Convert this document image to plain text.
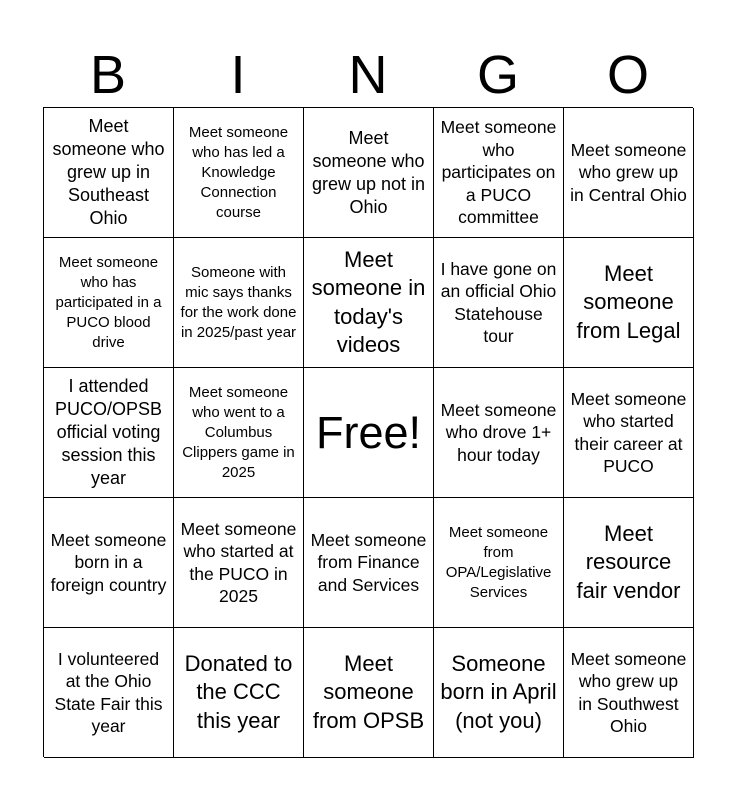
B	I	N	G	O
Meet someone who grew up in Southeast Ohio
Meet someone who has led a Knowledge Connection course
Meet someone who grew up not in Ohio
Meet someone who participates on a PUCO committee
Meet someone who grew up in Central Ohio
Meet someone who has participated in a PUCO blood drive
Someone with mic says thanks for the work done in 2025/past year
Meet someone in today's videos
I have gone on an official Ohio Statehouse tour
Meet someone from Legal
I attended PUCO/OPSB official voting session this year
Meet someone who went to a Columbus Clippers game in 2025
Free! Meet someone who drove 1+ hour today
Meet someone who started their career at PUCO
Meet someone born in a foreign country
Meet someone who started at the PUCO in 2025
Meet someone from Finance and Services
Meet someone from OPA/Legislative Services
Meet resource fair vendor
I volunteered at the Ohio State Fair this year
Donated to the CCC this year
Meet someone from OPSB
Someone born in April (not you)
Meet someone who grew up in Southwest Ohio
